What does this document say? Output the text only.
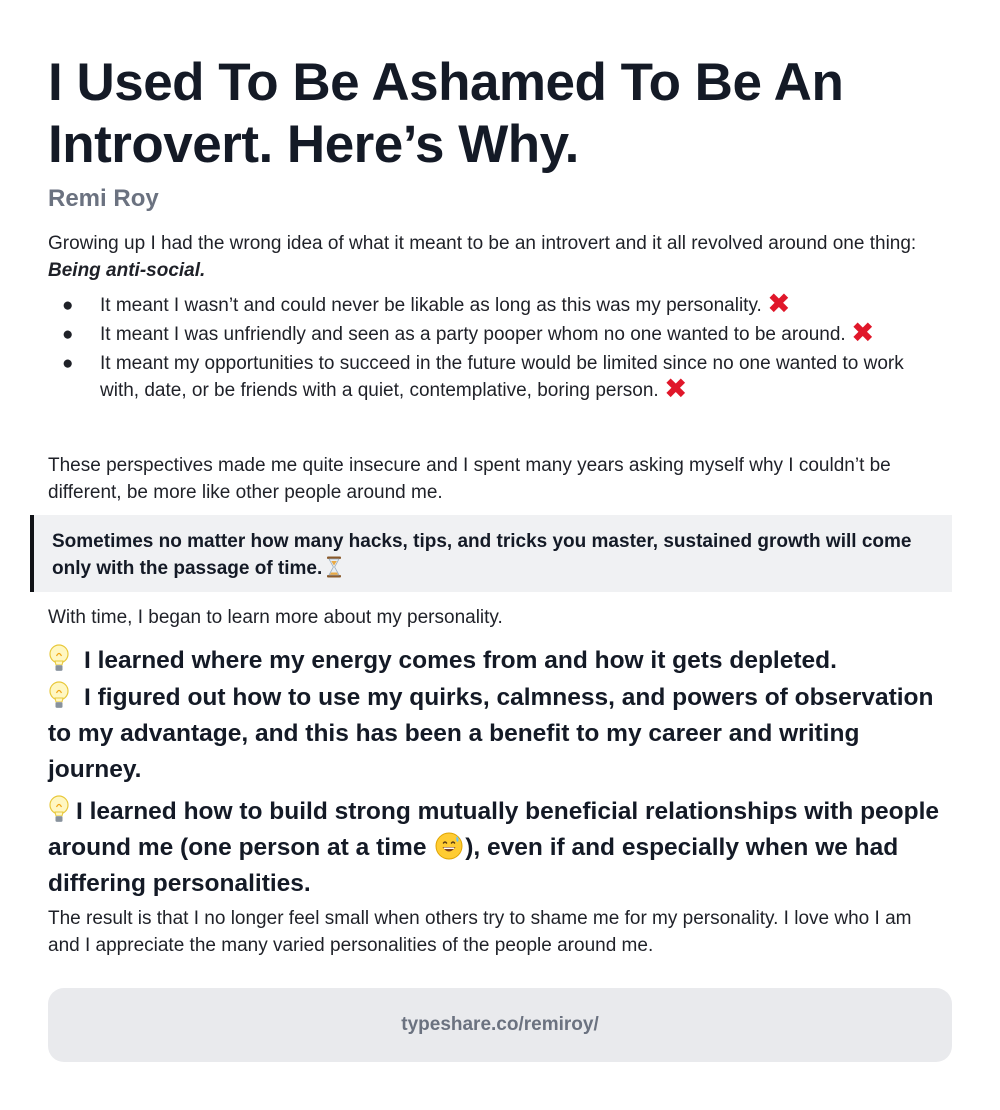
I Used To Be Ashamed To Be An Introvert. Here’s Why.
Remi Roy

Growing up I had the wrong idea of what it meant to be an introvert and it all revolved around one thing: Being anti-social.

● It meant I wasn’t and could never be likable as long as this was my personality. ✖
● It meant I was unfriendly and seen as a party pooper whom no one wanted to be around. ✖
● It meant my opportunities to succeed in the future would be limited since no one wanted to work with, date, or be friends with a quiet, contemplative, boring person. ✖

These perspectives made me quite insecure and I spent many years asking myself why I couldn’t be different, be more like other people around me.

Sometimes no matter how many hacks, tips, and tricks you master, sustained growth will come only with the passage of time.

With time, I began to learn more about my personality.

I learned where my energy comes from and how it gets depleted.

I figured out how to use my quirks, calmness, and powers of observation to my advantage, and this has been a benefit to my career and writing journey.

I learned how to build strong mutually beneficial relationships with people around me (one person at a time ), even if and especially when we had differing personalities.

The result is that I no longer feel small when others try to shame me for my personality. I love who I am and I appreciate the many varied personalities of the people around me.

typeshare.co/remiroy/
